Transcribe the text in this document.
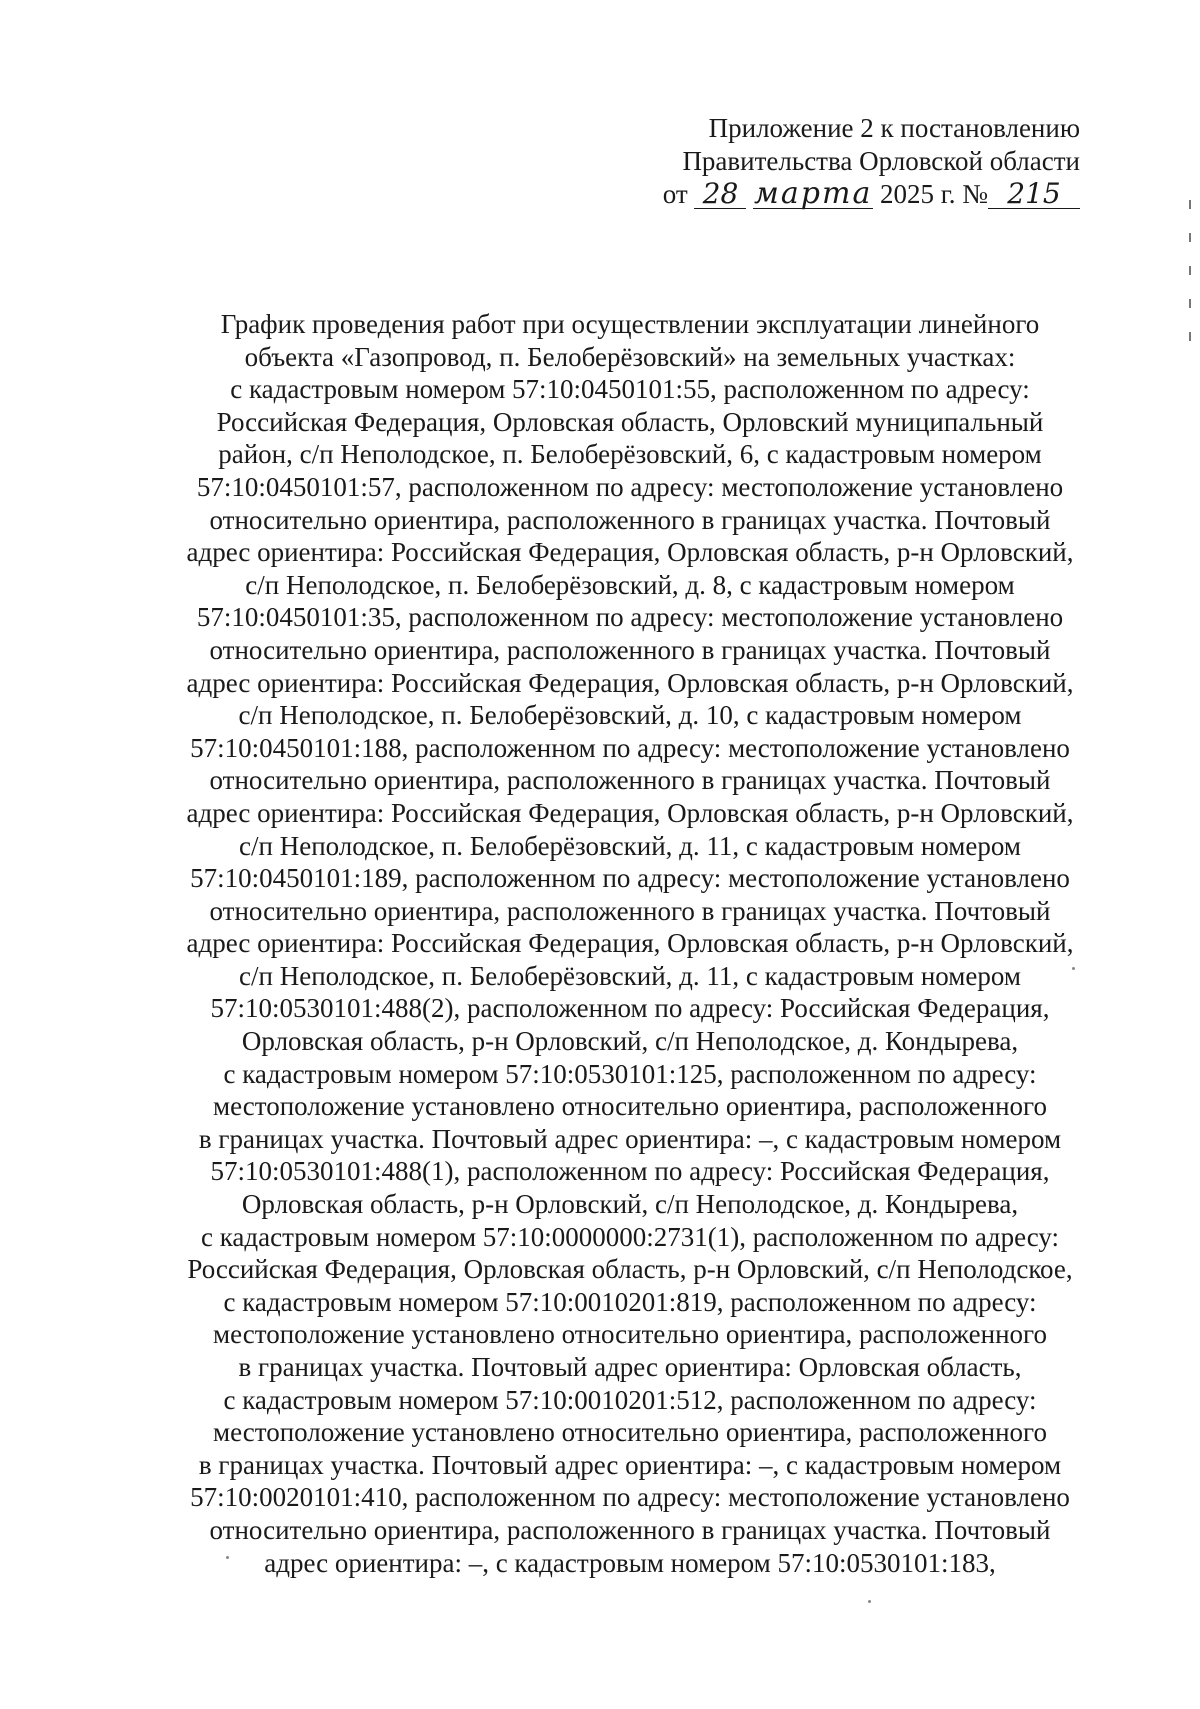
Приложение 2 к постановлению
Правительства Орловской области
от 28 марта 2025 г. № 215
График проведения работ при осуществлении эксплуатации линейного
объекта «Газопровод, п. Белоберёзовский» на земельных участках:
с кадастровым номером 57:10:0450101:55, расположенном по адресу:
Российская Федерация, Орловская область, Орловский муниципальный
район, с/п Неполодское, п. Белоберёзовский, 6, с кадастровым номером
57:10:0450101:57, расположенном по адресу: местоположение установлено
относительно ориентира, расположенного в границах участка. Почтовый
адрес ориентира: Российская Федерация, Орловская область, р-н Орловский,
с/п Неполодское, п. Белоберёзовский, д. 8, с кадастровым номером
57:10:0450101:35, расположенном по адресу: местоположение установлено
относительно ориентира, расположенного в границах участка. Почтовый
адрес ориентира: Российская Федерация, Орловская область, р-н Орловский,
с/п Неполодское, п. Белоберёзовский, д. 10, с кадастровым номером
57:10:0450101:188, расположенном по адресу: местоположение установлено
относительно ориентира, расположенного в границах участка. Почтовый
адрес ориентира: Российская Федерация, Орловская область, р-н Орловский,
с/п Неполодское, п. Белоберёзовский, д. 11, с кадастровым номером
57:10:0450101:189, расположенном по адресу: местоположение установлено
относительно ориентира, расположенного в границах участка. Почтовый
адрес ориентира: Российская Федерация, Орловская область, р-н Орловский,
с/п Неполодское, п. Белоберёзовский, д. 11, с кадастровым номером
57:10:0530101:488(2), расположенном по адресу: Российская Федерация,
Орловская область, р-н Орловский, с/п Неполодское, д. Кондырева,
с кадастровым номером 57:10:0530101:125, расположенном по адресу:
местоположение установлено относительно ориентира, расположенного
в границах участка. Почтовый адрес ориентира: –, с кадастровым номером
57:10:0530101:488(1), расположенном по адресу: Российская Федерация,
Орловская область, р-н Орловский, с/п Неполодское, д. Кондырева,
с кадастровым номером 57:10:0000000:2731(1), расположенном по адресу:
Российская Федерация, Орловская область, р-н Орловский, с/п Неполодское,
с кадастровым номером 57:10:0010201:819, расположенном по адресу:
местоположение установлено относительно ориентира, расположенного
в границах участка. Почтовый адрес ориентира: Орловская область,
с кадастровым номером 57:10:0010201:512, расположенном по адресу:
местоположение установлено относительно ориентира, расположенного
в границах участка. Почтовый адрес ориентира: –, с кадастровым номером
57:10:0020101:410, расположенном по адресу: местоположение установлено
относительно ориентира, расположенного в границах участка. Почтовый
адрес ориентира: –, с кадастровым номером 57:10:0530101:183,
